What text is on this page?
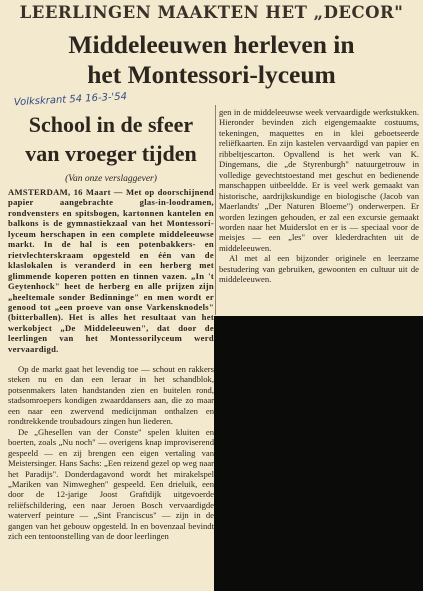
LEERLINGEN MAAKTEN HET „DECOR"
Middeleeuwen herleven in
het Montessori-lyceum
Volkskrant 54 16-3-'54
School in de sfeer
van vroeger tijden
(Van onze verslaggever)

AMSTERDAM, 16 Maart — Met op doorschijnend papier aangebrachte glas-in-loodramen, rondvensters en spitsbogen, kartonnen kantelen en balkons is de gymnastiekzaal van het Montessori-lyceum herschapen in een complete middeleeuwse markt. In de hal is een potenbakkers- en rietvlechterskraam opgesteld en één van de klaslokalen is veranderd in een herberg met glimmende koperen potten en tinnen vazen. „In 't Geytenhock" heet de herberg en alle prijzen zijn „heeltemale sonder Bedinninge" en men wordt er genood tot „een proeve van onse Varkensknodels" (bitterballen). Het is alles het resultaat van het werkobject „De Middeleeuwen", dat door de leerlingen van het Montessorilyceum werd vervaardigd.

Op de markt gaat het levendig toe — schout en rakkers steken nu en dan een leraar in het schandblok, potsenmakers laten handstanden zien en buitelen rond, stadsomroepers kondigen zwaarddansers aan, die zo maar een naar een zwervend medicijnman onthalzen en rondtrekkende troubadours zingen hun liederen.

De „Ghesellen van der Conste" spelen kluiten en boerten, zoals „Nu noch" — overigens knap improviserend gespeeld — en zij brengen een eigen vertaling van Meistersinger. Hans Sachs: „Een reizend gezel op weg naar het Paradijs". Donderdagavond wordt het mirakelspel „Mariken van Nimweghen" gespeeld. Een drieluik, een door de 12-jarige Joost Graftdijk uitgevoerde reliëfschildering, een naar Jeroen Bosch vervaardigde waterverf peinture — „Sint Franciscus" — zijn in de gangen van het gebouw opgesteld. In en bovenzaal bevindt zich een tentoonstelling van de door leerlingen

gen in de middeleeuwse week vervaardigde werkstukken. Hieronder bevinden zich eigengemaakte costuums, tekeningen, maquettes en in klei geboetseerde reliëfkaarten. En zijn kastelen vervaardigd van papier en ribbeltjescarton. Opvallend is het werk van K. Dingemans, die „de Styrenburgh" natuurgetrouw in volledige gevechtstoestand met geschut en bedienende manschappen uitbeeldde. Er is veel werk gemaakt van historische, aardrijkskundige en biologische (Jacob van Maerlandts' „Der Naturen Bloeme") onderwerpen. Er worden lezingen gehouden, er zal een excursie gemaakt worden naar het Muiderslot en er is — speciaal voor de meisjes — een „les" over klederdrachten uit de middeleeuwen.

Al met al een bijzonder originele en leerzame bestudering van gebruiken, gewoonten en cultuur uit de middeleeuwen.
